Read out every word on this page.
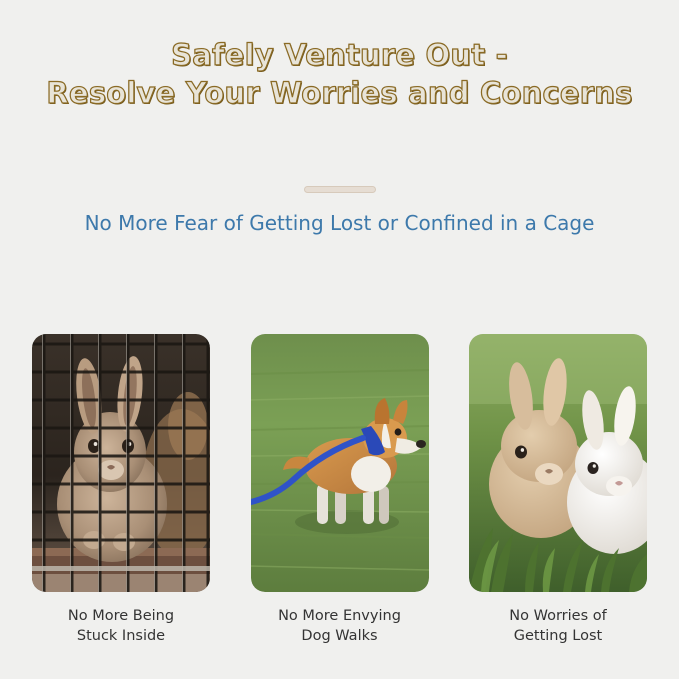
Safely Venture Out -
Resolve Your Worries and Concerns
No More Fear of Getting Lost or Confined in a Cage
No More Being
Stuck Inside
No More Envying
Dog Walks
No Worries of
Getting Lost
